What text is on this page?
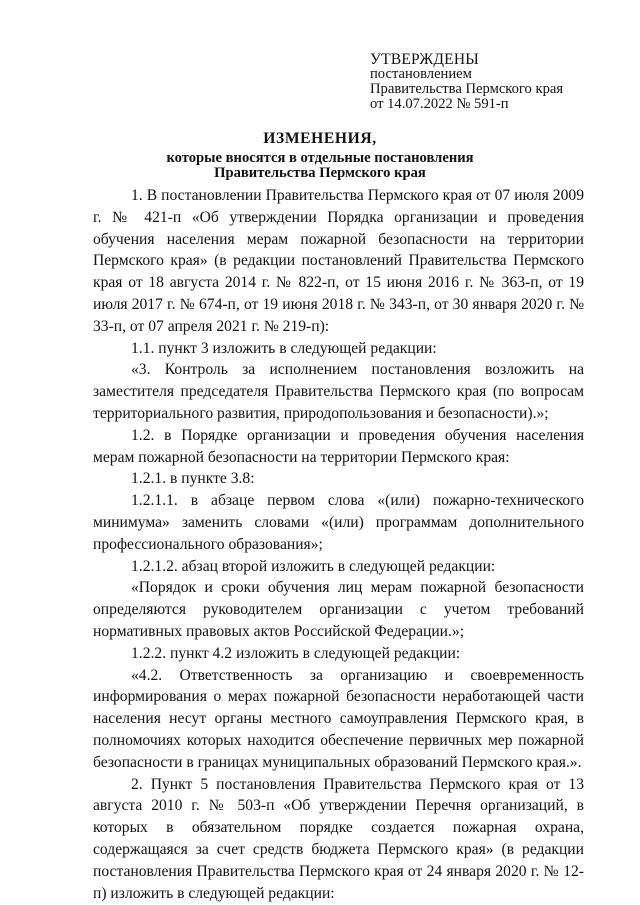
УТВЕРЖДЕНЫ
постановлением
Правительства Пермского края
от 14.07.2022 № 591-п
ИЗМЕНЕНИЯ,
которые вносятся в отдельные постановления
Правительства Пермского края

1. В постановлении Правительства Пермского края от 07 июля 2009 г. № 421-п «Об утверждении Порядка организации и проведения обучения населения мерам пожарной безопасности на территории Пермского края» (в редакции постановлений Правительства Пермского края от 18 августа 2014 г. № 822-п, от 15 июня 2016 г. № 363-п, от 19 июля 2017 г. № 674-п, от 19 июня 2018 г. № 343-п, от 30 января 2020 г. № 33-п, от 07 апреля 2021 г. № 219-п):

1.1. пункт 3 изложить в следующей редакции:

«3. Контроль за исполнением постановления возложить на заместителя председателя Правительства Пермского края (по вопросам территориального развития, природопользования и безопасности).»;

1.2. в Порядке организации и проведения обучения населения мерам пожарной безопасности на территории Пермского края:

1.2.1. в пункте 3.8:

1.2.1.1. в абзаце первом слова «(или) пожарно-технического минимума» заменить словами «(или) программам дополнительного профессионального образования»;

1.2.1.2. абзац второй изложить в следующей редакции:

«Порядок и сроки обучения лиц мерам пожарной безопасности определяются руководителем организации с учетом требований нормативных правовых актов Российской Федерации.»;

1.2.2. пункт 4.2 изложить в следующей редакции:

«4.2. Ответственность за организацию и своевременность информирования о мерах пожарной безопасности неработающей части населения несут органы местного самоуправления Пермского края, в полномочиях которых находится обеспечение первичных мер пожарной безопасности в границах муниципальных образований Пермского края.».

2. Пункт 5 постановления Правительства Пермского края от 13 августа 2010 г. № 503-п «Об утверждении Перечня организаций, в которых в обязательном порядке создается пожарная охрана, содержащаяся за счет средств бюджета Пермского края» (в редакции постановления Правительства Пермского края от 24 января 2020 г. № 12-п) изложить в следующей редакции:
